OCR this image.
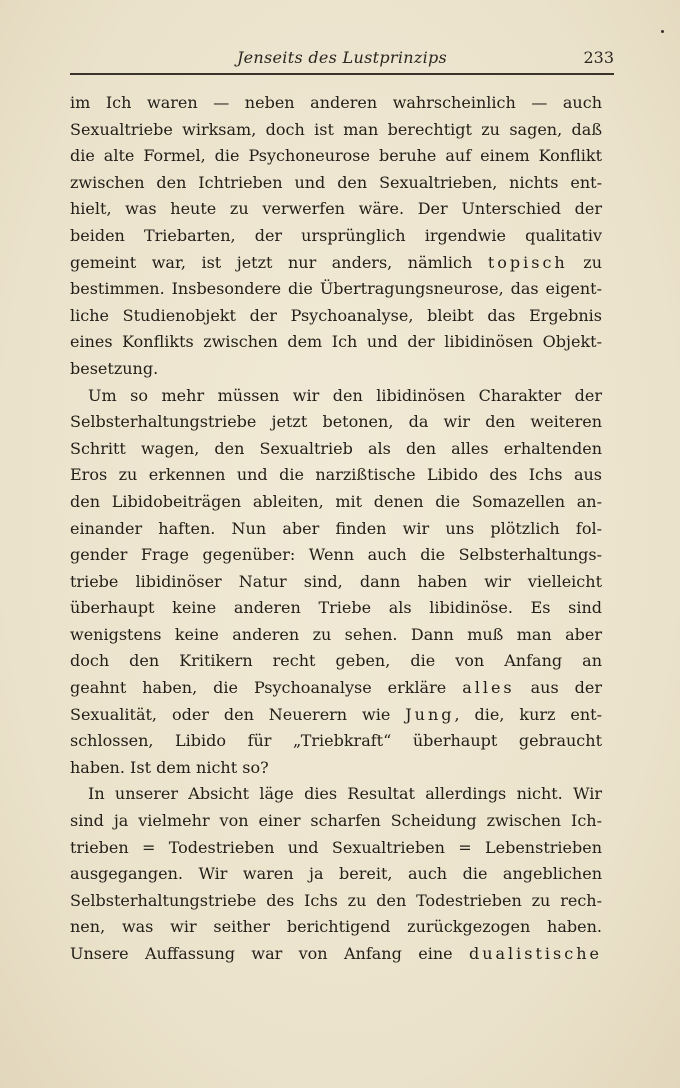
Jenseits des Lustprinzips	233
im Ich waren — neben anderen wahrscheinlich — auch
Sexualtriebe wirksam, doch ist man berechtigt zu sagen, daß
die alte Formel, die Psychoneurose beruhe auf einem Konflikt
zwischen den Ichtrieben und den Sexualtrieben, nichts ent-
hielt, was heute zu verwerfen wäre. Der Unterschied der
beiden Triebarten, der ursprünglich irgendwie qualitativ
gemeint war, ist jetzt nur anders, nämlich topisch zu
bestimmen. Insbesondere die Übertragungsneurose, das eigent-
liche Studienobjekt der Psychoanalyse, bleibt das Ergebnis
eines Konflikts zwischen dem Ich und der libidinösen Objekt-
besetzung.
Um so mehr müssen wir den libidinösen Charakter der
Selbsterhaltungstriebe jetzt betonen, da wir den weiteren
Schritt wagen, den Sexualtrieb als den alles erhaltenden
Eros zu erkennen und die narzißtische Libido des Ichs aus
den Libidobeiträgen ableiten, mit denen die Somazellen an-
einander haften. Nun aber finden wir uns plötzlich fol-
gender Frage gegenüber: Wenn auch die Selbsterhaltungs-
triebe libidinöser Natur sind, dann haben wir vielleicht
überhaupt keine anderen Triebe als libidinöse. Es sind
wenigstens keine anderen zu sehen. Dann muß man aber
doch den Kritikern recht geben, die von Anfang an
geahnt haben, die Psychoanalyse erkläre alles aus der
Sexualität, oder den Neuerern wie Jung, die, kurz ent-
schlossen, Libido für „Triebkraft“ überhaupt gebraucht
haben. Ist dem nicht so?
In unserer Absicht läge dies Resultat allerdings nicht. Wir
sind ja vielmehr von einer scharfen Scheidung zwischen Ich-
trieben = Todestrieben und Sexualtrieben = Lebenstrieben
ausgegangen. Wir waren ja bereit, auch die angeblichen
Selbsterhaltungstriebe des Ichs zu den Todestrieben zu rech-
nen, was wir seither berichtigend zurückgezogen haben.
Unsere Auffassung war von Anfang eine dualistische
